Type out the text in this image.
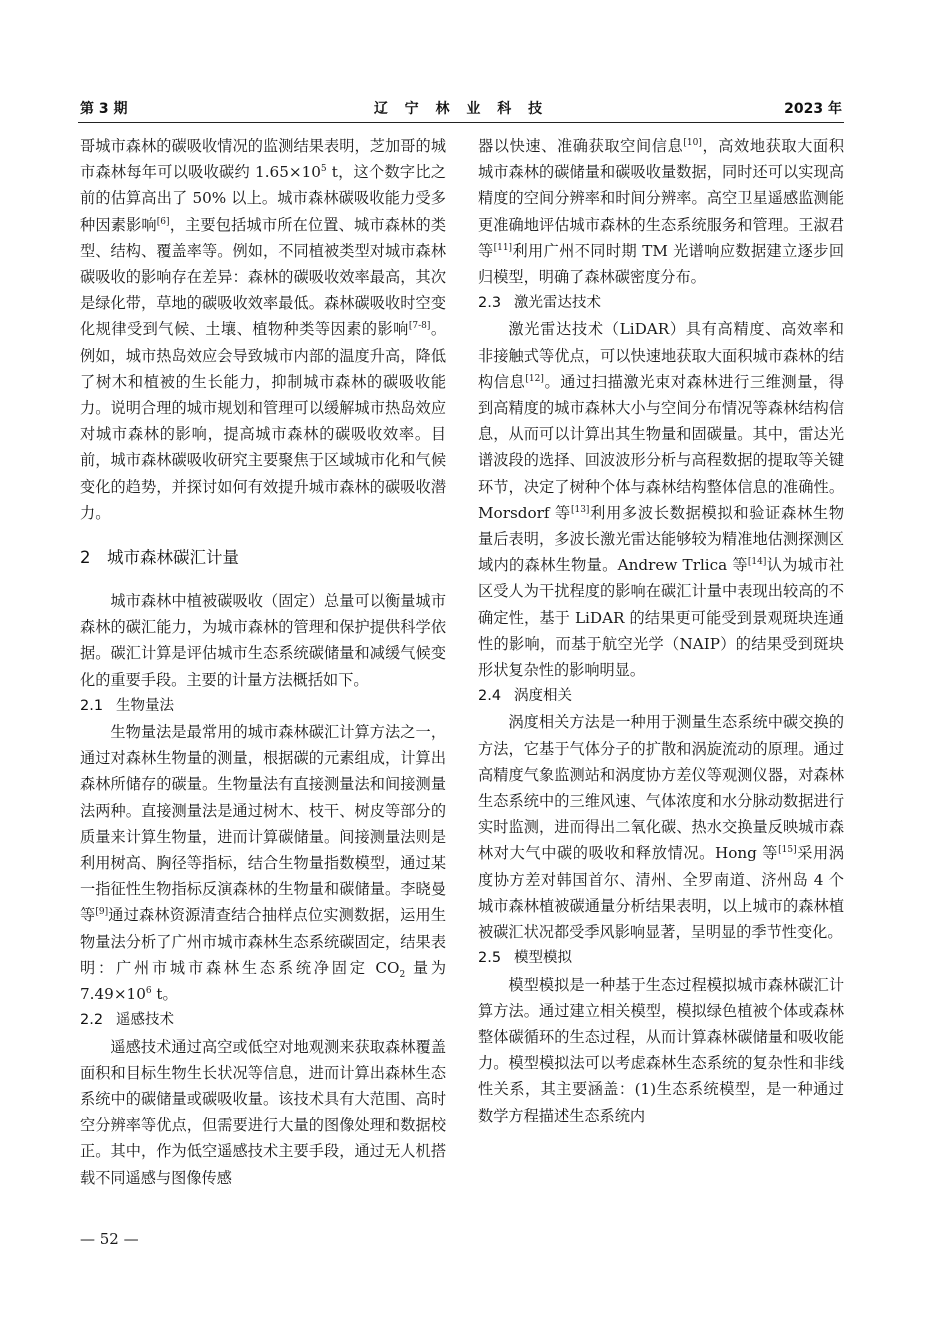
第 3 期	辽 宁 林 业 科 技	2023 年

哥城市森林的碳吸收情况的监测结果表明，芝加哥的城市森林每年可以吸收碳约 $1.65\times 10^5$ t，这个数字比之前的估算高出了 50% 以上。城市森林碳吸收能力受多种因素影响[6]，主要包括城市所在位置、城市森林的类型、结构、覆盖率等。例如，不同植被类型对城市森林碳吸收的影响存在差异：森林的碳吸收效率最高，其次是绿化带，草地的碳吸收效率最低。森林碳吸收时空变化规律受到气候、土壤、植物种类等因素的影响[7-8]。例如，城市热岛效应会导致城市内部的温度升高，降低了树木和植被的生长能力，抑制城市森林的碳吸收能力。说明合理的城市规划和管理可以缓解城市热岛效应对城市森林的影响，提高城市森林的碳吸收效率。目前，城市森林碳吸收研究主要聚焦于区域城市化和气候变化的趋势，并探讨如何有效提升城市森林的碳吸收潜力。

2　城市森林碳汇计量

城市森林中植被碳吸收（固定）总量可以衡量城市森林的碳汇能力，为城市森林的管理和保护提供科学依据。碳汇计算是评估城市生态系统碳储量和减缓气候变化的重要手段。主要的计量方法概括如下。

2.1 生物量法

生物量法是最常用的城市森林碳汇计算方法之一，通过对森林生物量的测量，根据碳的元素组成，计算出森林所储存的碳量。生物量法有直接测量法和间接测量法两种。直接测量法是通过树木、枝干、树皮等部分的质量来计算生物量，进而计算碳储量。间接测量法则是利用树高、胸径等指标，结合生物量指数模型，通过某一指征性生物指标反演森林的生物量和碳储量。李晓曼等[9]通过森林资源清查结合抽样点位实测数据，运用生物量法分析了广州市城市森林生态系统碳固定，结果表明：广州市城市森林生态系统净固定 $CO_2$ 量为 $7.49\times 10^6$ t。

2.2 遥感技术

遥感技术通过高空或低空对地观测来获取森林覆盖面积和目标生物生长状况等信息，进而计算出森林生态系统中的碳储量或碳吸收量。该技术具有大范围、高时空分辨率等优点，但需要进行大量的图像处理和数据校正。其中，作为低空遥感技术主要手段，通过无人机搭载不同遥感与图像传感

器以快速、准确获取空间信息[10]，高效地获取大面积城市森林的碳储量和碳吸收量数据，同时还可以实现高精度的空间分辨率和时间分辨率。高空卫星遥感监测能更准确地评估城市森林的生态系统服务和管理。王淑君等[11]利用广州不同时期 TM 光谱响应数据建立逐步回归模型，明确了森林碳密度分布。

2.3 激光雷达技术

激光雷达技术（LiDAR）具有高精度、高效率和非接触式等优点，可以快速地获取大面积城市森林的结构信息[12]。通过扫描激光束对森林进行三维测量，得到高精度的城市森林大小与空间分布情况等森林结构信息，从而可以计算出其生物量和固碳量。其中，雷达光谱波段的选择、回波波形分析与高程数据的提取等关键环节，决定了树种个体与森林结构整体信息的准确性。Morsdorf 等[13]利用多波长数据模拟和验证森林生物量后表明，多波长激光雷达能够较为精准地估测探测区域内的森林生物量。Andrew Trlica 等[14]认为城市社区受人为干扰程度的影响在碳汇计量中表现出较高的不确定性，基于 LiDAR 的结果更可能受到景观斑块连通性的影响，而基于航空光学（NAIP）的结果受到斑块形状复杂性的影响明显。

2.4 涡度相关

涡度相关方法是一种用于测量生态系统中碳交换的方法，它基于气体分子的扩散和涡旋流动的原理。通过高精度气象监测站和涡度协方差仪等观测仪器，对森林生态系统中的三维风速、气体浓度和水分脉动数据进行实时监测，进而得出二氧化碳、热水交换量反映城市森林对大气中碳的吸收和释放情况。Hong 等[15]采用涡度协方差对韩国首尔、清州、全罗南道、济州岛 4 个城市森林植被碳通量分析结果表明，以上城市的森林植被碳汇状况都受季风影响显著，呈明显的季节性变化。

2.5 模型模拟

模型模拟是一种基于生态过程模拟城市森林碳汇计算方法。通过建立相关模型，模拟绿色植被个体或森林整体碳循环的生态过程，从而计算森林碳储量和吸收能力。模型模拟法可以考虑森林生态系统的复杂性和非线性关系，其主要涵盖：(1)生态系统模型，是一种通过数学方程描述生态系统内

— 52 —
